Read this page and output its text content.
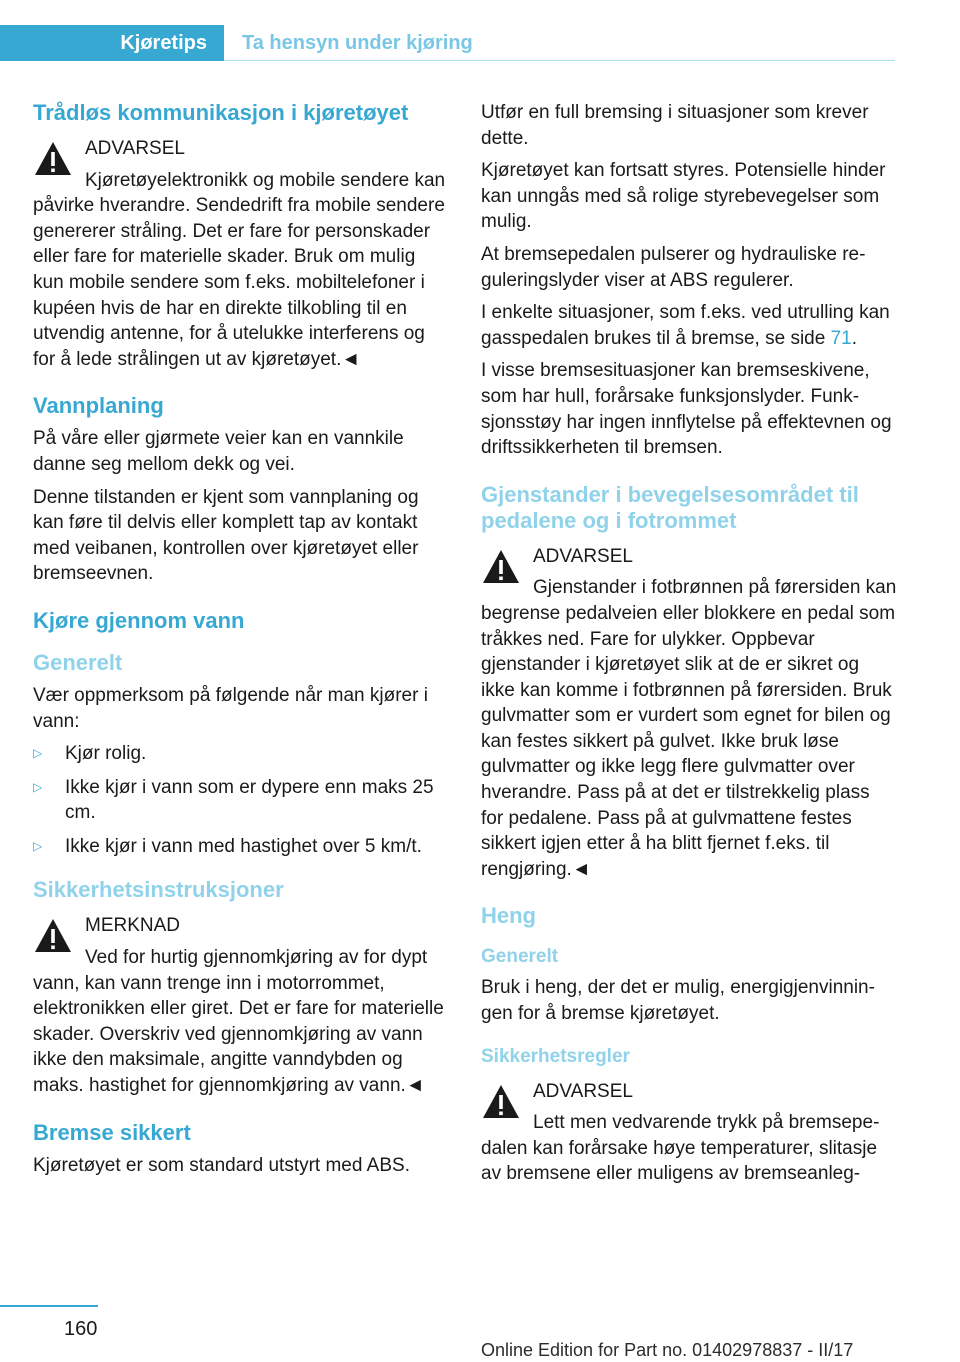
Kjøretips	Ta hensyn under kjøring
Trådløs kommunikasjon i kjøretøyet
ADVARSEL
Kjøretøyelektronikk og mobile sendere kan påvirke hverandre. Sendedrift fra mobile sendere genererer stråling. Det er fare for personskader eller fare for materielle skader. Bruk om mulig kun mobile sendere som f.eks. mobiltelefoner i kupéen hvis de har en direkte tilkobling til en utvendig antenne, for å utelukke interferens og for å lede strålingen ut av kjøretøyet.◄
Vannplaning

På våre eller gjørmete veier kan en vannkile danne seg mellom dekk og vei.

Denne tilstanden er kjent som vannplaning og kan føre til delvis eller komplett tap av kontakt med veibanen, kontrollen over kjøretøyet eller bremseevnen.

Kjøre gjennom vann
Generelt

Vær oppmerksom på følgende når man kjører i vann:

▷ Kjør rolig.
▷ Ikke kjør i vann som er dypere enn maks 25 cm.
▷ Ikke kjør i vann med hastighet over 5 km/t.
Sikkerhetsinstruksjoner
MERKNAD
Ved for hurtig gjennomkjøring av for dypt vann, kan vann trenge inn i motorrommet, elektronikken eller giret. Det er fare for materielle skader. Overskriv ved gjennomkjøring av vann ikke den maksimale, angitte vanndybden og maks. hastighet for gjennomkjøring av vann.◄
Bremse sikkert

Kjøretøyet er som standard utstyrt med ABS.

Utfør en full bremsing i situasjoner som krever dette.

Kjøretøyet kan fortsatt styres. Potensielle hinder kan unngås med så rolige styrebevegelser som mulig.

At bremsepedalen pulserer og hydrauliske reguleringslyder viser at ABS regulerer.

I enkelte situasjoner, som f.eks. ved utrulling kan gasspedalen brukes til å bremse, se side 71.

I visse bremsesituasjoner kan bremseskivene, som har hull, forårsake funksjonslyder. Funksjonsstøy har ingen innflytelse på effektevnen og driftssikkerheten til bremsen.

Gjenstander i bevegelsesområdet til pedalene og i fotrommet
ADVARSEL
Gjenstander i fotbrønnen på førersiden kan begrense pedalveien eller blokkere en pedal som tråkkes ned. Fare for ulykker. Oppbevar gjenstander i kjøretøyet slik at de er sikret og ikke kan komme i fotbrønnen på førersiden. Bruk gulvmatter som er vurdert som egnet for bilen og kan festes sikkert på gulvet. Ikke bruk løse gulvmatter og ikke legg flere gulvmatter over hverandre. Pass på at det er tilstrekkelig plass for pedalene. Pass på at gulvmattene festes sikkert igjen etter å ha blitt fjernet f.eks. til rengjøring.◄
Heng
Generelt

Bruk i heng, der det er mulig, energigjenvinningen for å bremse kjøretøyet.

Sikkerhetsregler
ADVARSEL
Lett men vedvarende trykk på bremsepedalen kan forårsake høye temperaturer, slitasje av bremsene eller muligens av bremseanleg-
160
Online Edition for Part no. 01402978837 - II/17
